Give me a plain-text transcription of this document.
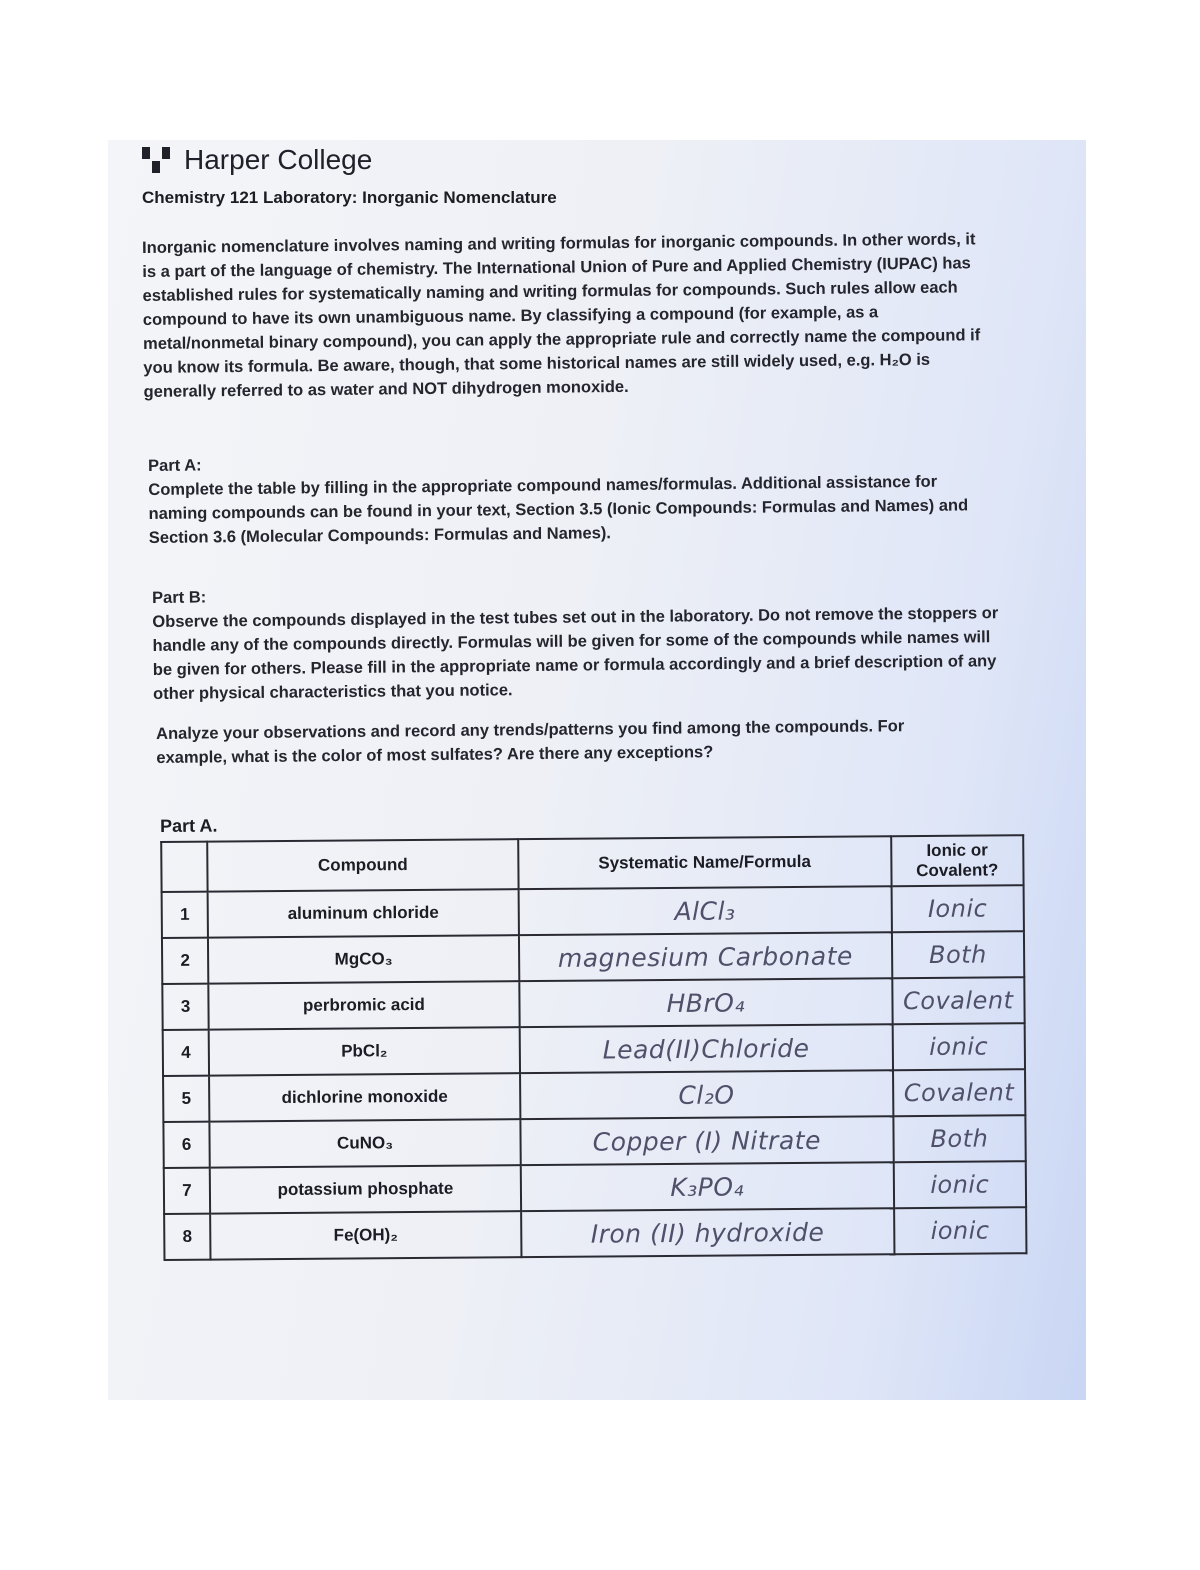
Harper College
Chemistry 121 Laboratory: Inorganic Nomenclature
Inorganic nomenclature involves naming and writing formulas for inorganic compounds. In other words, it is a part of the language of chemistry. The International Union of Pure and Applied Chemistry (IUPAC) has established rules for systematically naming and writing formulas for compounds. Such rules allow each compound to have its own unambiguous name. By classifying a compound (for example, as a metal/nonmetal binary compound), you can apply the appropriate rule and correctly name the compound if you know its formula. Be aware, though, that some historical names are still widely used, e.g. H₂O is generally referred to as water and NOT dihydrogen monoxide.
Part A:
Complete the table by filling in the appropriate compound names/formulas. Additional assistance for naming compounds can be found in your text, Section 3.5 (Ionic Compounds: Formulas and Names) and Section 3.6 (Molecular Compounds: Formulas and Names).
Part B:
Observe the compounds displayed in the test tubes set out in the laboratory. Do not remove the stoppers or handle any of the compounds directly. Formulas will be given for some of the compounds while names will be given for others. Please fill in the appropriate name or formula accordingly and a brief description of any other physical characteristics that you notice.
Analyze your observations and record any trends/patterns you find among the compounds. For example, what is the color of most sulfates? Are there any exceptions?
Part A.
	Compound	Systematic Name/Formula	Ionic or Covalent?
1	aluminum chloride	AlCl₃	Ionic
2	MgCO₃	magnesium Carbonate	Both
3	perbromic acid	HBrO₄	Covalent
4	PbCl₂	Lead(II)Chloride	ionic
5	dichlorine monoxide	Cl₂O	Covalent
6	CuNO₃	Copper (I) Nitrate	Both
7	potassium phosphate	K₃PO₄	ionic
8	Fe(OH)₂	Iron (II) hydroxide	ionic
